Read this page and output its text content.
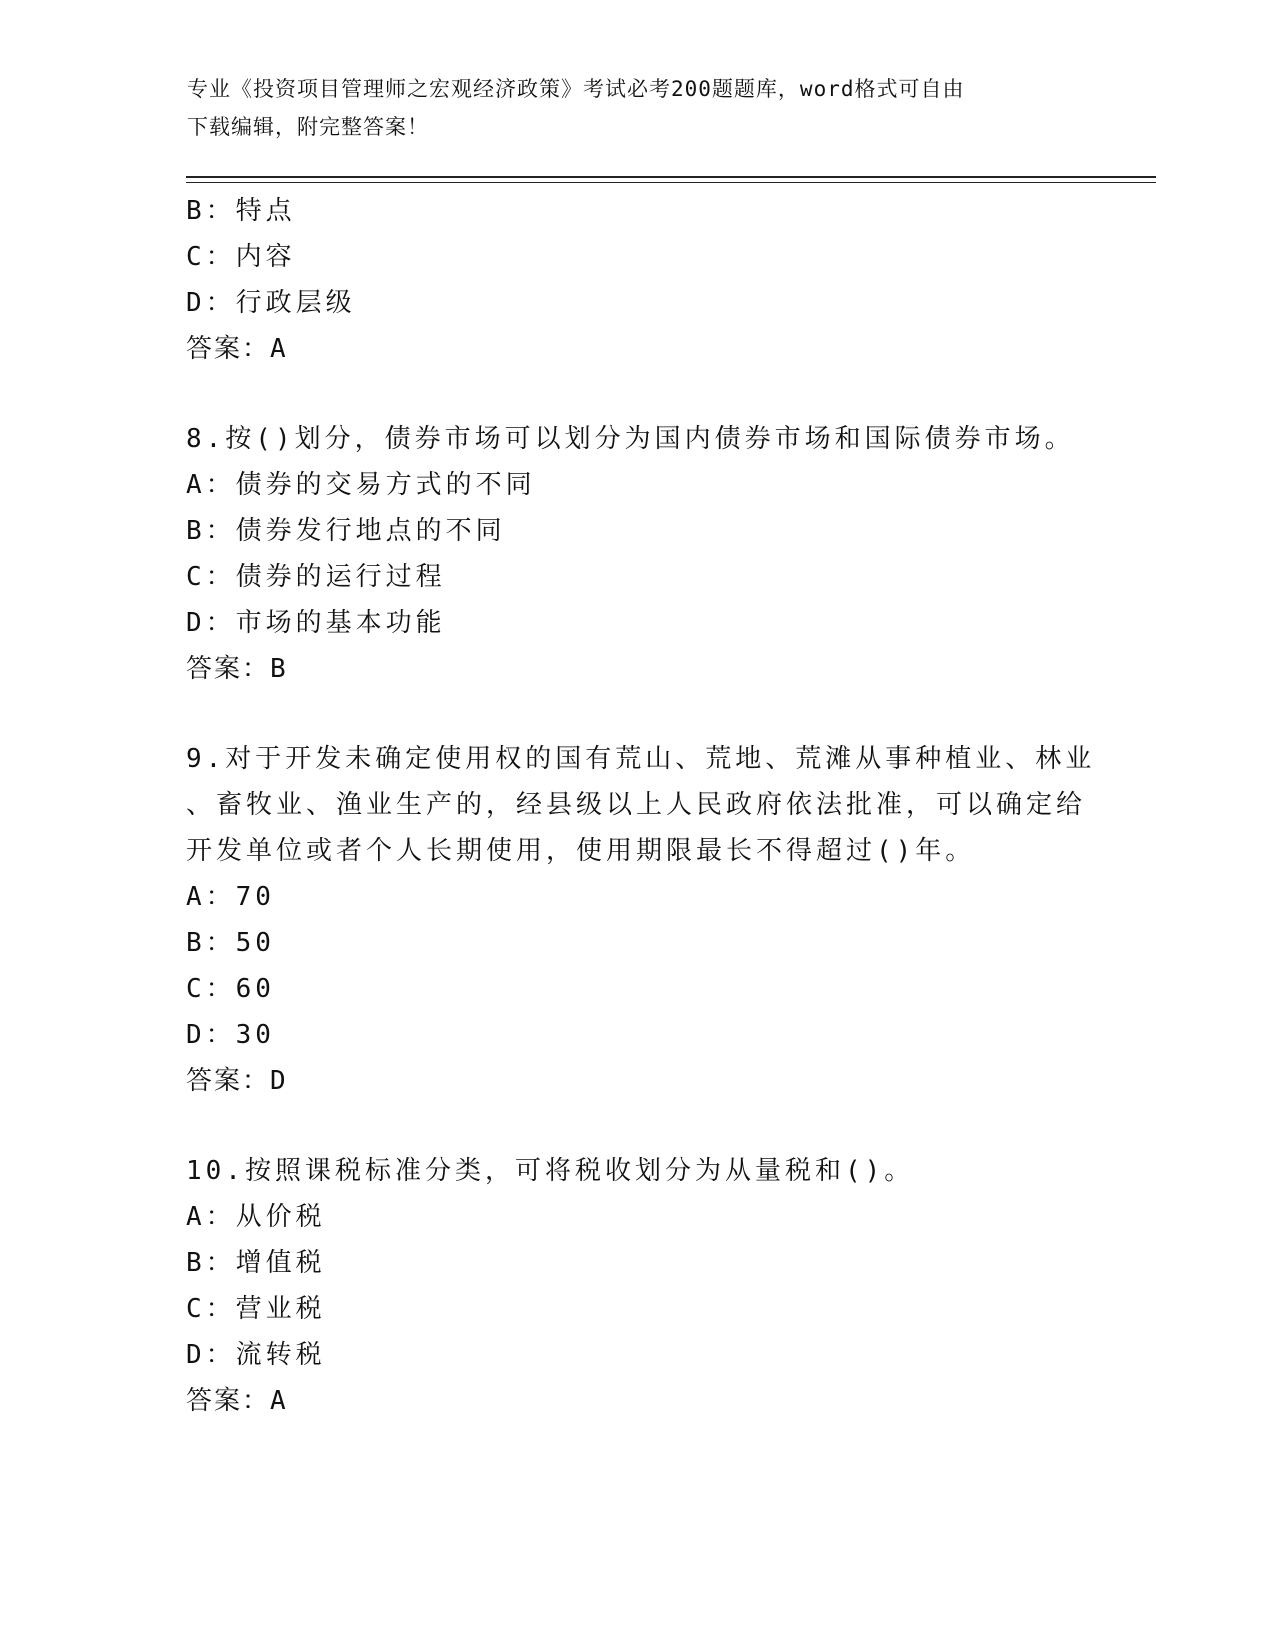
专业《投资项目管理师之宏观经济政策》考试必考200题题库，word格式可自由
下载编辑，附完整答案！
B：特点
C：内容
D：行政层级
答案：A
8.按()划分，债券市场可以划分为国内债券市场和国际债券市场。
A：债券的交易方式的不同
B：债券发行地点的不同
C：债券的运行过程
D：市场的基本功能
答案：B
9.对于开发未确定使用权的国有荒山、荒地、荒滩从事种植业、林业
、畜牧业、渔业生产的，经县级以上人民政府依法批准，可以确定给
开发单位或者个人长期使用，使用期限最长不得超过()年。
A：70
B：50
C：60
D：30
答案：D
10.按照课税标准分类，可将税收划分为从量税和()。
A：从价税
B：增值税
C：营业税
D：流转税
答案：A
